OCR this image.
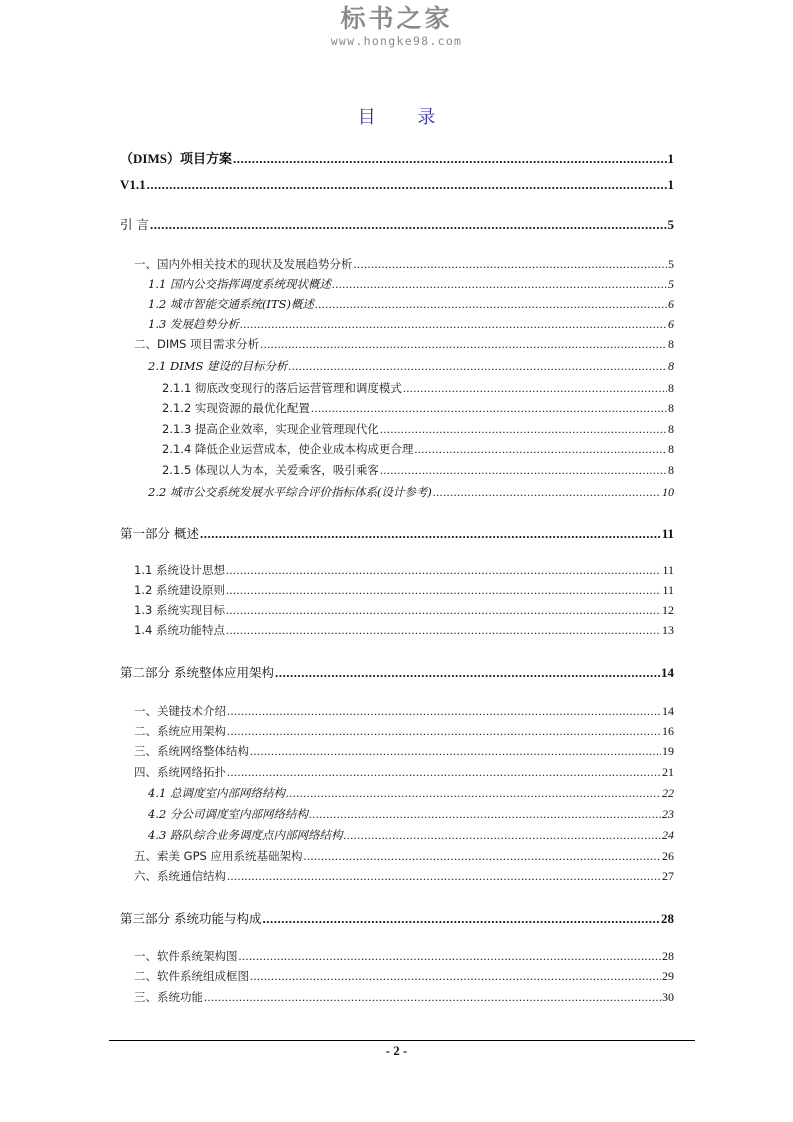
标书之家
www.hongke98.com
目 录
（DIMS）项目方案 .....	1
V1.1 .....	1
引 言 .....	5
一、国内外相关技术的现状及发展趋势分析 .....	5
1.1 国内公交指挥调度系统现状概述 .....	5
1.2 城市智能交通系统(ITS)概述 .....	6
1.3 发展趋势分析 .....	6
二、DIMS 项目需求分析 .....	8
2.1 DIMS 建设的目标分析 .....	8
2.1.1 彻底改变现行的落后运营管理和调度模式 .....	8
2.1.2 实现资源的最优化配置 .....	8
2.1.3 提高企业效率，实现企业管理现代化 .....	8
2.1.4 降低企业运营成本，使企业成本构成更合理 .....	8
2.1.5 体现以人为本，关爱乘客，吸引乘客 .....	8
2.2 城市公交系统发展水平综合评价指标体系(设计参考) .....	10
第一部分 概述 .....	11
1.1 系统设计思想 .....	11
1.2 系统建设原则 .....	11
1.3 系统实现目标 .....	12
1.4 系统功能特点 .....	13
第二部分 系统整体应用架构 .....	14
一、关键技术介绍 .....	14
二、系统应用架构 .....	16
三、系统网络整体结构 .....	19
四、系统网络拓扑 .....	21
4.1 总调度室内部网络结构 .....	22
4.2 分公司调度室内部网络结构 .....	23
4.3 路队综合业务调度点内部网络结构 .....	24
五、索美 GPS 应用系统基础架构 .....	26
六、系统通信结构 .....	27
第三部分 系统功能与构成 .....	28
一、软件系统架构图 .....	28
二、软件系统组成框图 .....	29
三、系统功能 .....	30
- 2 -
